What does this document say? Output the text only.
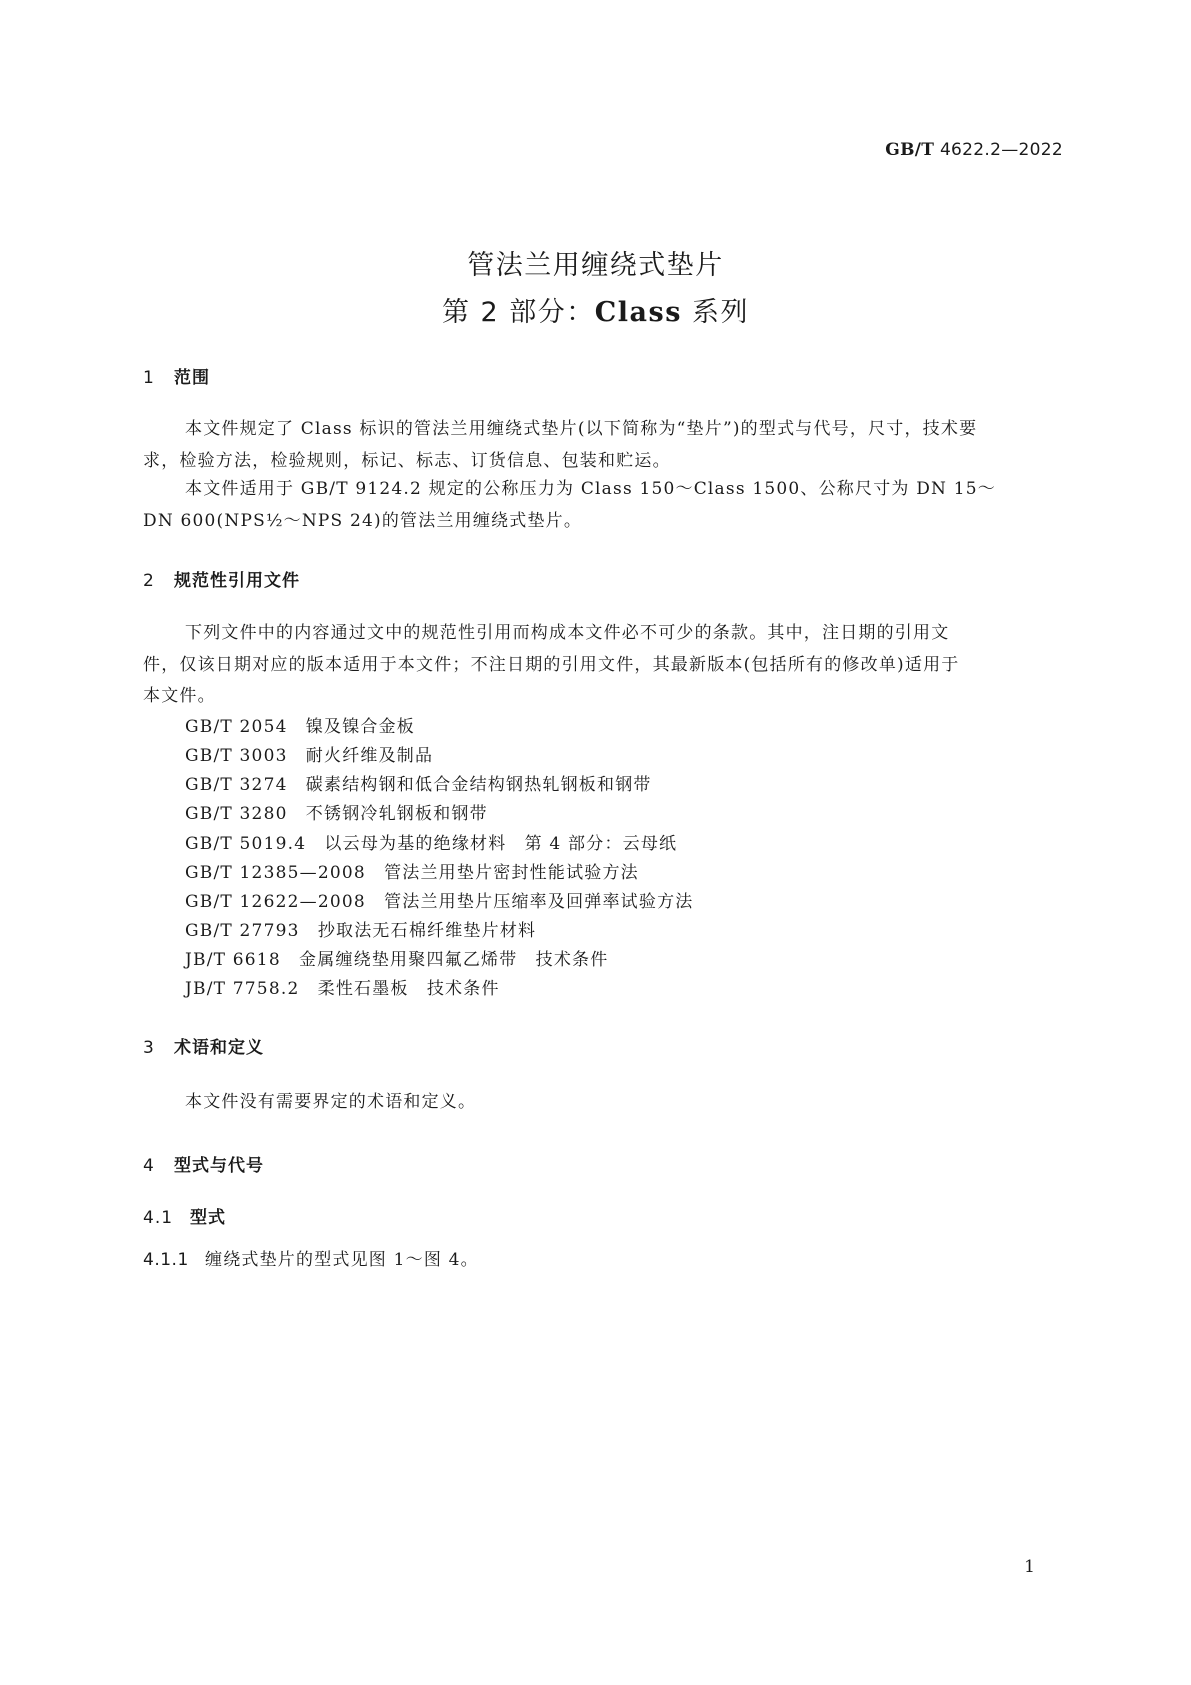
GB/T 4622.2—2022
管法兰用缠绕式垫片
第 2 部分：Class 系列
1 范围

本文件规定了 Class 标识的管法兰用缠绕式垫片(以下简称为“垫片”)的型式与代号，尺寸，技术要
求，检验方法，检验规则，标记、标志、订货信息、包装和贮运。

本文件适用于 GB/T 9124.2 规定的公称压力为 Class 150～Class 1500、公称尺寸为 DN 15～
DN 600(NPS½～NPS 24)的管法兰用缠绕式垫片。

2 规范性引用文件

下列文件中的内容通过文中的规范性引用而构成本文件必不可少的条款。其中，注日期的引用文
件，仅该日期对应的版本适用于本文件；不注日期的引用文件，其最新版本(包括所有的修改单)适用于
本文件。

GB/T 2054　镍及镍合金板
GB/T 3003　耐火纤维及制品
GB/T 3274　碳素结构钢和低合金结构钢热轧钢板和钢带
GB/T 3280　不锈钢冷轧钢板和钢带
GB/T 5019.4　以云母为基的绝缘材料　第 4 部分：云母纸
GB/T 12385—2008　管法兰用垫片密封性能试验方法
GB/T 12622—2008　管法兰用垫片压缩率及回弹率试验方法
GB/T 27793　抄取法无石棉纤维垫片材料
JB/T 6618　金属缠绕垫用聚四氟乙烯带　技术条件
JB/T 7758.2　柔性石墨板　技术条件
3 术语和定义

本文件没有需要界定的术语和定义。

4 型式与代号
4.1 型式
4.1.1 缠绕式垫片的型式见图 1～图 4。
1
